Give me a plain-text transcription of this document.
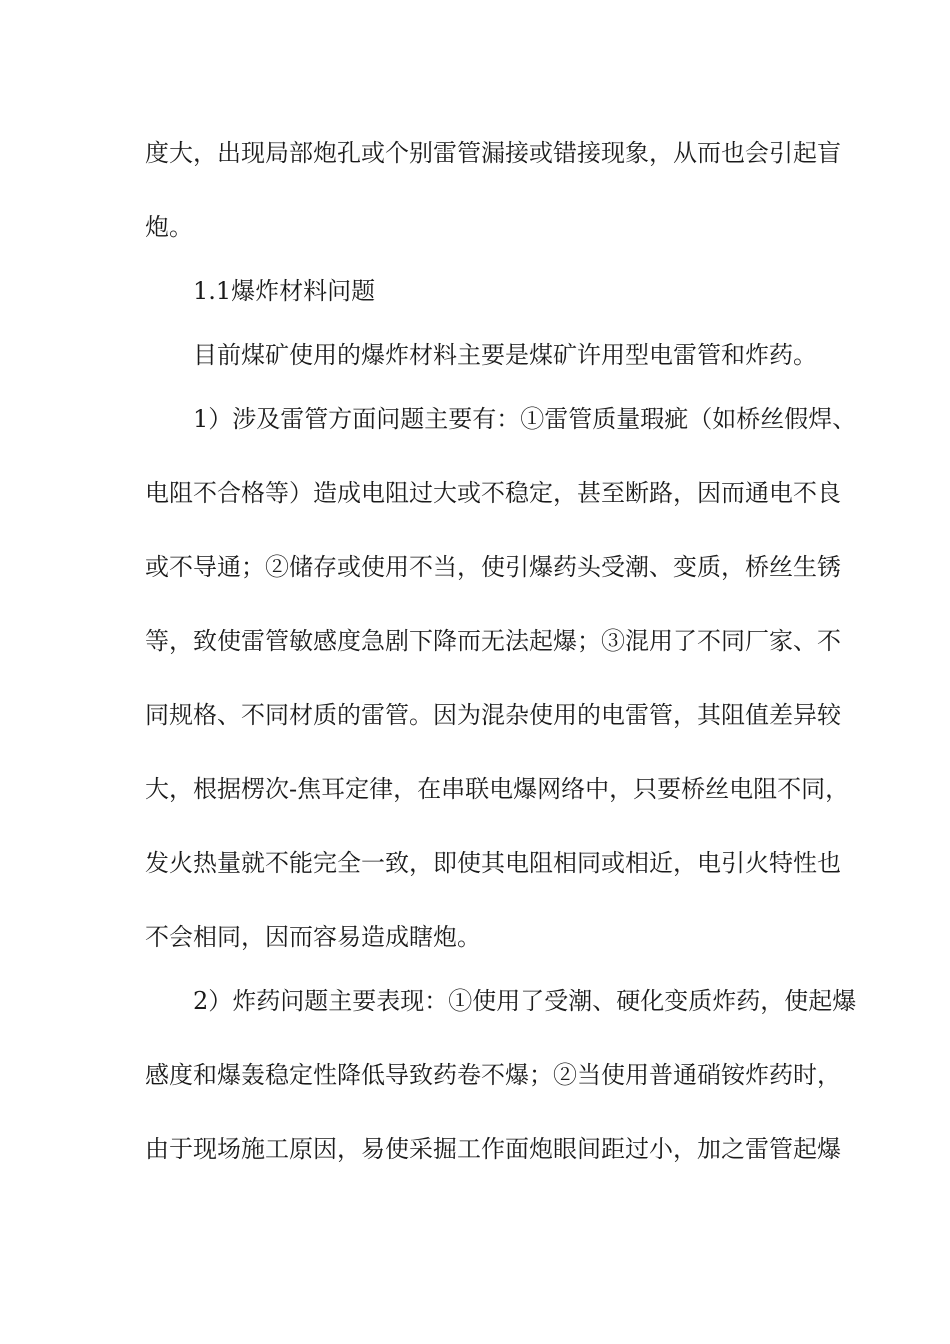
度大，出现局部炮孔或个别雷管漏接或错接现象，从而也会引起盲
炮。
1.1爆炸材料问题
目前煤矿使用的爆炸材料主要是煤矿许用型电雷管和炸药。
1）涉及雷管方面问题主要有：①雷管质量瑕疵（如桥丝假焊、
电阻不合格等）造成电阻过大或不稳定，甚至断路，因而通电不良
或不导通；②储存或使用不当，使引爆药头受潮、变质，桥丝生锈
等，致使雷管敏感度急剧下降而无法起爆；③混用了不同厂家、不
同规格、不同材质的雷管。因为混杂使用的电雷管，其阻值差异较
大，根据楞次-焦耳定律，在串联电爆网络中，只要桥丝电阻不同，
发火热量就不能完全一致，即使其电阻相同或相近，电引火特性也
不会相同，因而容易造成瞎炮。
2）炸药问题主要表现：①使用了受潮、硬化变质炸药，使起爆
感度和爆轰稳定性降低导致药卷不爆；②当使用普通硝铵炸药时，
由于现场施工原因，易使采掘工作面炮眼间距过小，加之雷管起爆
